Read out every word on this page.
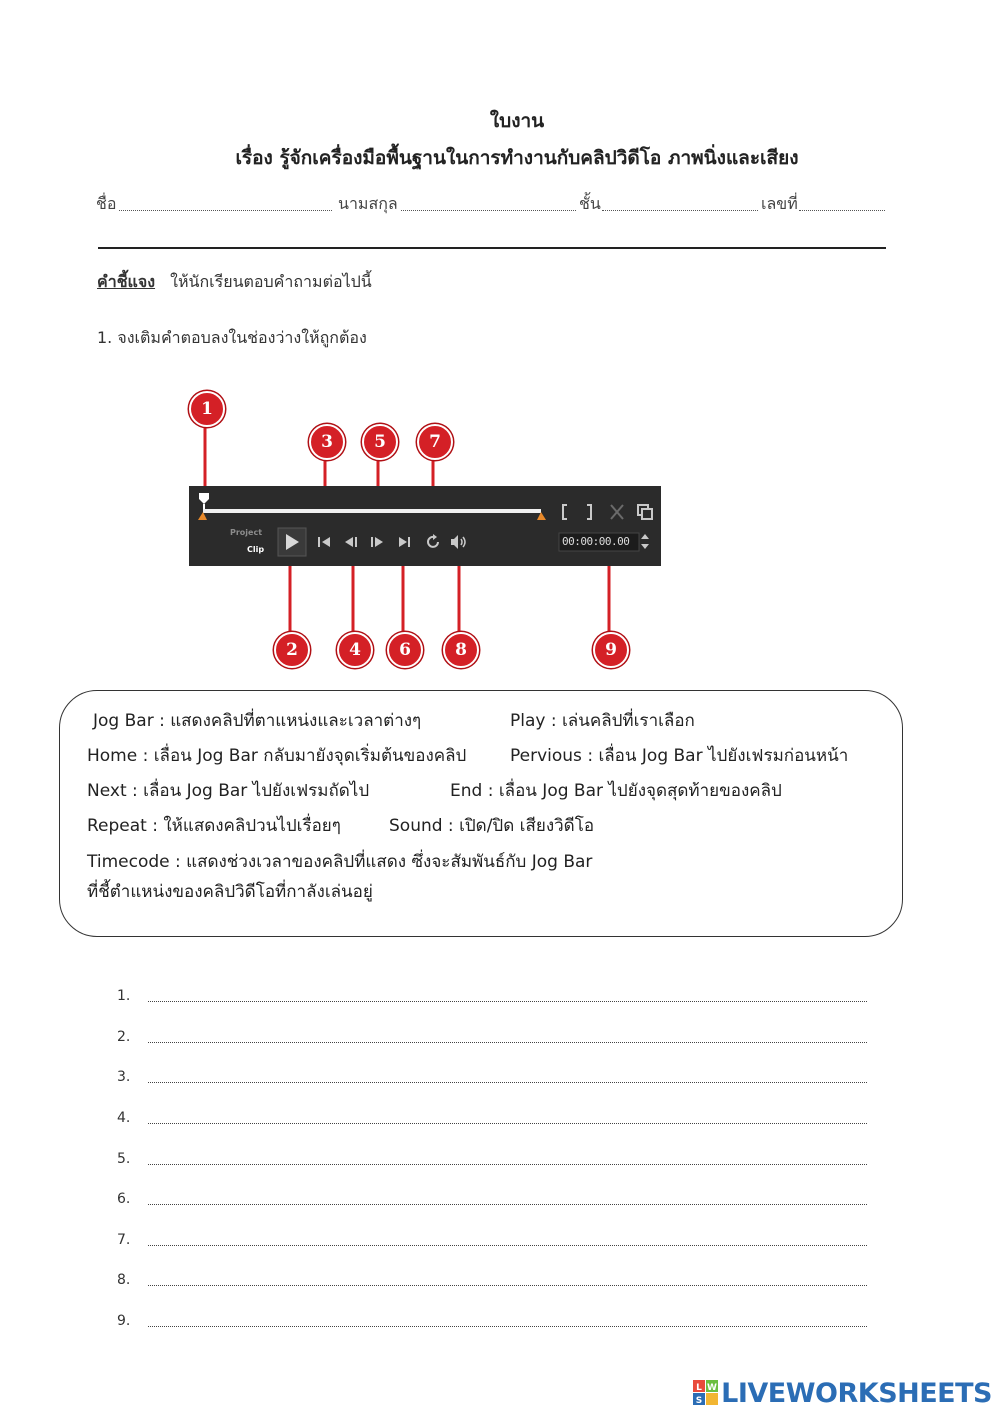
ใบงาน
เรื่อง รู้จักเครื่องมือพื้นฐานในการทำงานกับคลิปวิดีโอ ภาพนิ่งและเสียง
ชื่อ	นามสกุล	ชั้น	เลขที่
คำชี้แจง ให้นักเรียนตอบคำถามต่อไปนี้
1. จงเติมคำตอบลงในช่องว่างให้ถูกต้อง
Project
Clip
00:00:00.00
1
3	5	7
2	4	6	8	9
Jog Bar : แสดงคลิปที่ตาแหน่งและเวลาต่างๆ	Play : เล่นคลิปที่เราเลือก
Home : เลื่อน Jog Bar กลับมายังจุดเริ่มต้นของคลิป	Pervious : เลื่อน Jog Bar ไปยังเฟรมก่อนหน้า
Next : เลื่อน Jog Bar ไปยังเฟรมถัดไป	End : เลื่อน Jog Bar ไปยังจุดสุดท้ายของคลิป
Repeat : ให้แสดงคลิปวนไปเรื่อยๆ	Sound : เปิด/ปิด เสียงวิดีโอ
Timecode : แสดงช่วงเวลาของคลิปที่แสดง ซึ่งจะสัมพันธ์กับ Jog Bar
ที่ชี้ตำแหน่งของคลิปวิดีโอที่กาลังเล่นอยู่
1.
2.
3.
4.
5.
6.
7.
8.
9.
L W
S LIVEWORKSHEETS
